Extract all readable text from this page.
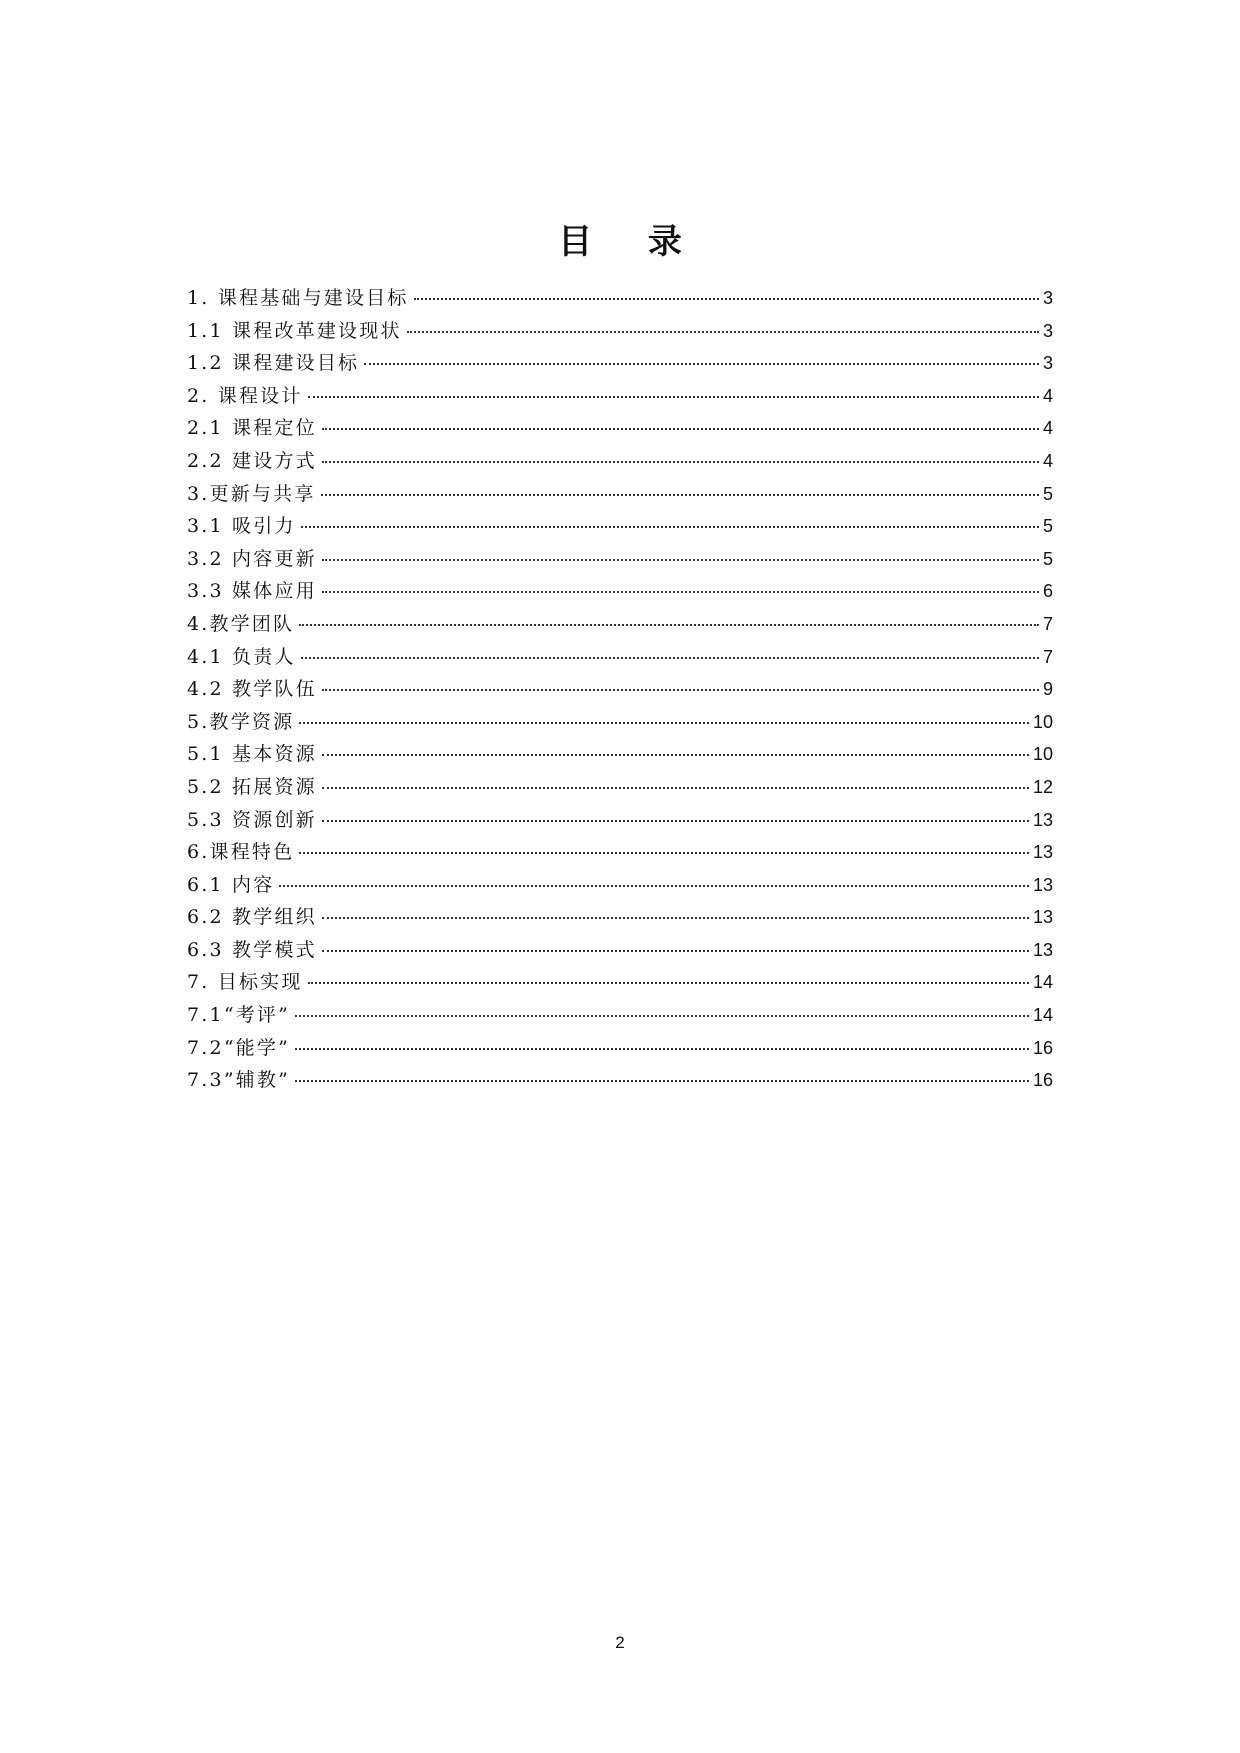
目 录
1. 课程基础与建设目标	3
1.1 课程改革建设现状	3
1.2 课程建设目标	3
2. 课程设计	4
2.1 课程定位	4
2.2 建设方式	4
3.更新与共享	5
3.1 吸引力	5
3.2 内容更新	5
3.3 媒体应用	6
4.教学团队	7
4.1 负责人	7
4.2 教学队伍	9
5.教学资源	10
5.1 基本资源	10
5.2 拓展资源	12
5.3 资源创新	13
6.课程特色	13
6.1 内容	13
6.2 教学组织	13
6.3 教学模式	13
7. 目标实现	14
7.1“考评”	14
7.2“能学”	16
7.3”辅教”	16
2
